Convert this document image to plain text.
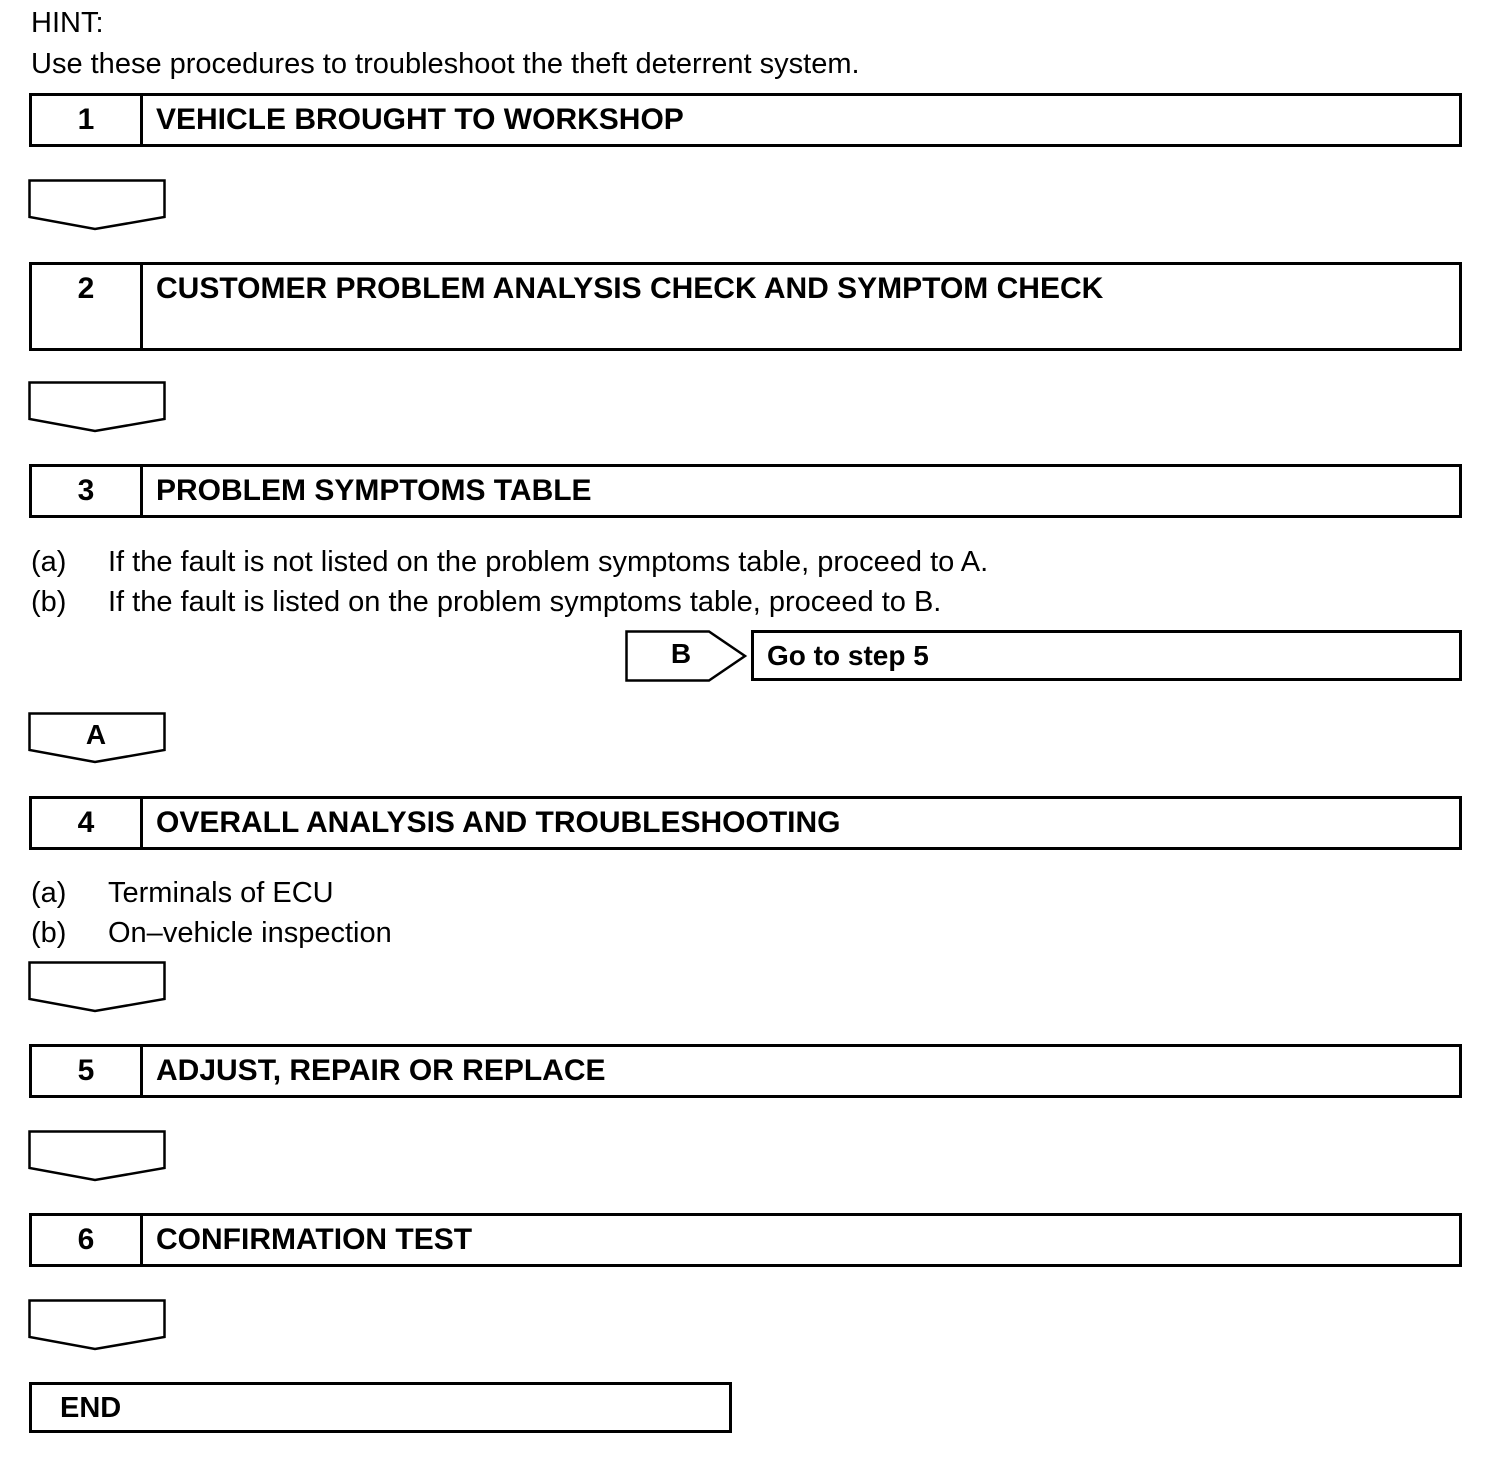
HINT:
Use these procedures to troubleshoot the theft deterrent system.
1	VEHICLE BROUGHT TO WORKSHOP
2	CUSTOMER PROBLEM ANALYSIS CHECK AND SYMPTOM CHECK
3	PROBLEM SYMPTOMS TABLE
(a) If the fault is not listed on the problem symptoms table, proceed to A.
(b) If the fault is listed on the problem symptoms table, proceed to B.
B	Go to step 5
A
4	OVERALL ANALYSIS AND TROUBLESHOOTING
(a) Terminals of ECU
(b) On–vehicle inspection
5	ADJUST, REPAIR OR REPLACE
6	CONFIRMATION TEST
END
